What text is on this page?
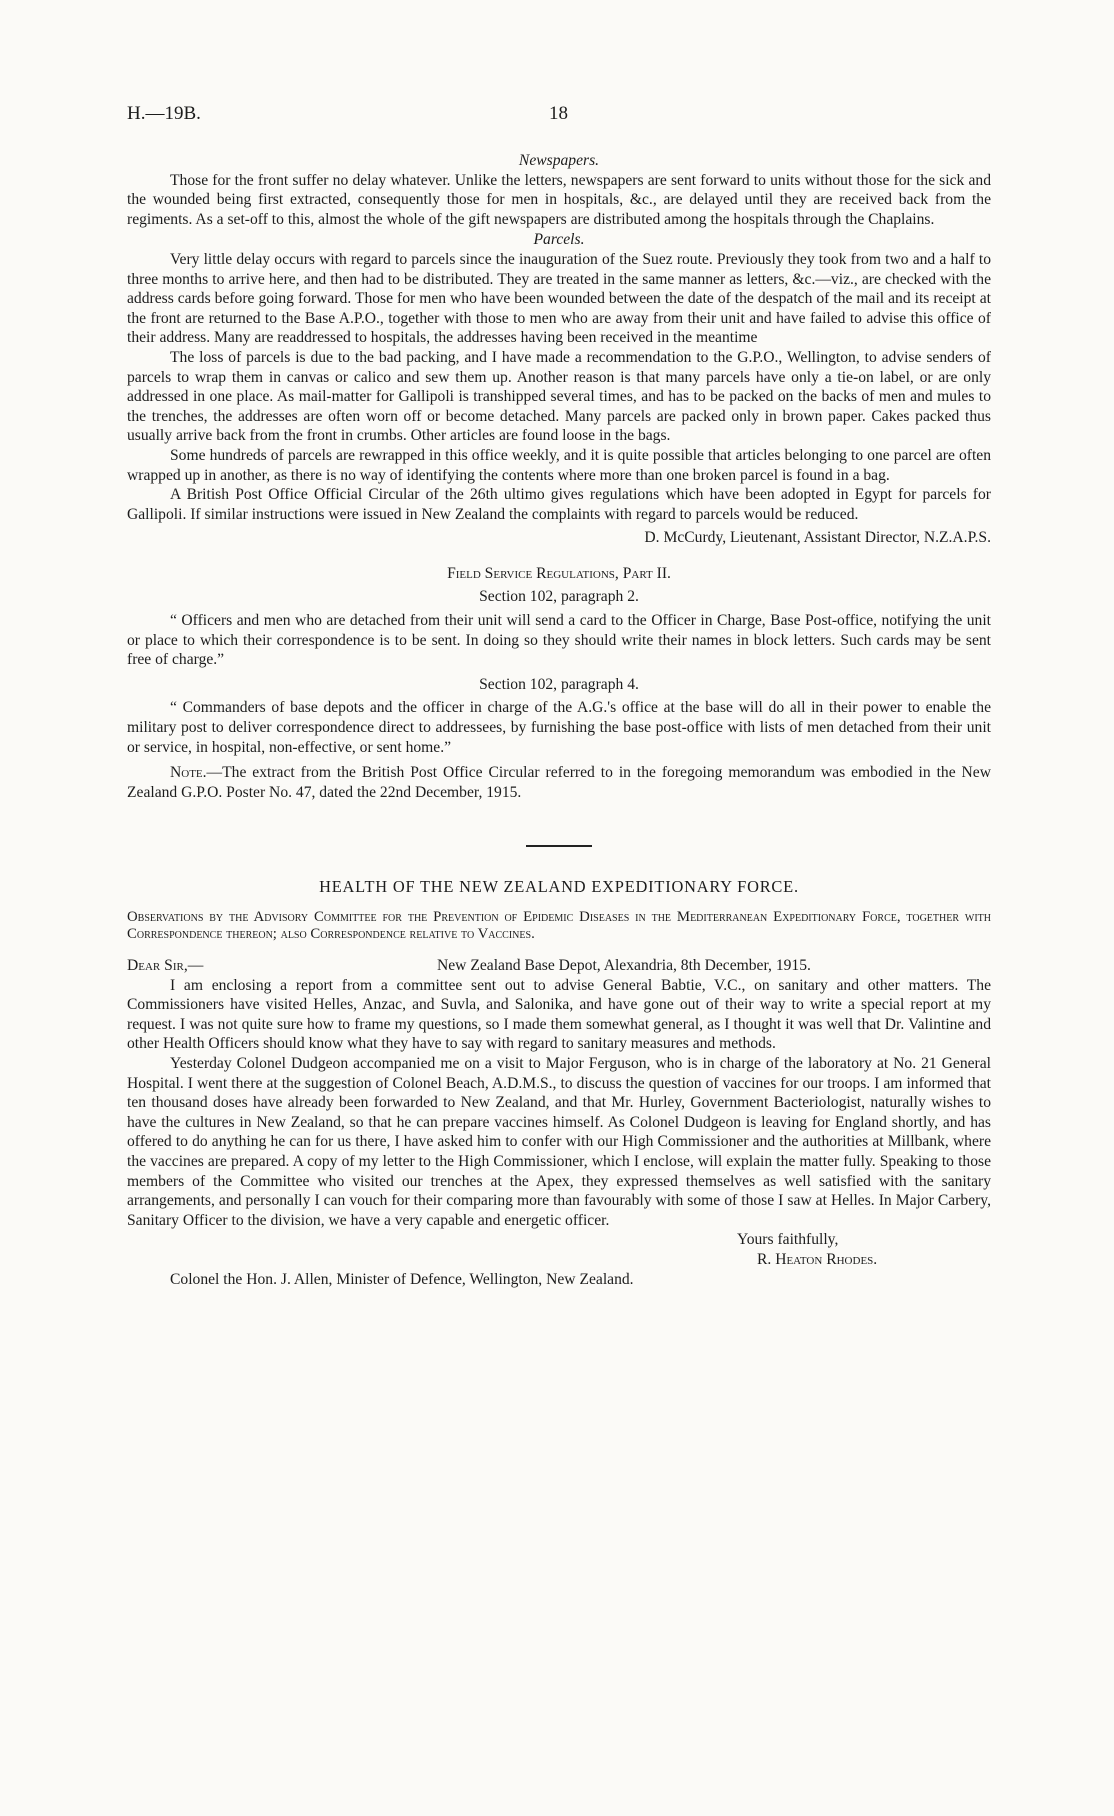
H.—19B.	18
Newspapers.

Those for the front suffer no delay whatever. Unlike the letters, newspapers are sent forward to units without those for the sick and the wounded being first extracted, consequently those for men in hospitals, &c., are delayed until they are received back from the regiments. As a set-off to this, almost the whole of the gift newspapers are distributed among the hospitals through the Chaplains.

Parcels.

Very little delay occurs with regard to parcels since the inauguration of the Suez route. Previously they took from two and a half to three months to arrive here, and then had to be distributed. They are treated in the same manner as letters, &c.—viz., are checked with the address cards before going forward. Those for men who have been wounded between the date of the despatch of the mail and its receipt at the front are returned to the Base A.P.O., together with those to men who are away from their unit and have failed to advise this office of their address. Many are readdressed to hospitals, the addresses having been received in the meantime

The loss of parcels is due to the bad packing, and I have made a recommendation to the G.P.O., Wellington, to advise senders of parcels to wrap them in canvas or calico and sew them up. Another reason is that many parcels have only a tie-on label, or are only addressed in one place. As mail-matter for Gallipoli is transhipped several times, and has to be packed on the backs of men and mules to the trenches, the addresses are often worn off or become detached. Many parcels are packed only in brown paper. Cakes packed thus usually arrive back from the front in crumbs. Other articles are found loose in the bags.

Some hundreds of parcels are rewrapped in this office weekly, and it is quite possible that articles belonging to one parcel are often wrapped up in another, as there is no way of identifying the contents where more than one broken parcel is found in a bag.

A British Post Office Official Circular of the 26th ultimo gives regulations which have been adopted in Egypt for parcels for Gallipoli. If similar instructions were issued in New Zealand the complaints with regard to parcels would be reduced.

D. McCurdy, Lieutenant, Assistant Director, N.Z.A.P.S.

Field Service Regulations, Part II.

Section 102, paragraph 2.

“ Officers and men who are detached from their unit will send a card to the Officer in Charge, Base Post-office, notifying the unit or place to which their correspondence is to be sent. In doing so they should write their names in block letters. Such cards may be sent free of charge.”

Section 102, paragraph 4.

“ Commanders of base depots and the officer in charge of the A.G.'s office at the base will do all in their power to enable the military post to deliver correspondence direct to addressees, by furnishing the base post-office with lists of men detached from their unit or service, in hospital, non-effective, or sent home.”

Note.—The extract from the British Post Office Circular referred to in the foregoing memorandum was embodied in the New Zealand G.P.O. Poster No. 47, dated the 22nd December, 1915.

HEALTH OF THE NEW ZEALAND EXPEDITIONARY FORCE.
Observations by the Advisory Committee for the Prevention of Epidemic Diseases in the Mediterranean Expeditionary Force, together with Correspondence thereon; also Correspondence relative to Vaccines.
Dear Sir,—	New Zealand Base Depot, Alexandria, 8th December, 1915.

I am enclosing a report from a committee sent out to advise General Babtie, V.C., on sanitary and other matters. The Commissioners have visited Helles, Anzac, and Suvla, and Salonika, and have gone out of their way to write a special report at my request. I was not quite sure how to frame my questions, so I made them somewhat general, as I thought it was well that Dr. Valintine and other Health Officers should know what they have to say with regard to sanitary measures and methods.

Yesterday Colonel Dudgeon accompanied me on a visit to Major Ferguson, who is in charge of the laboratory at No. 21 General Hospital. I went there at the suggestion of Colonel Beach, A.D.M.S., to discuss the question of vaccines for our troops. I am informed that ten thousand doses have already been forwarded to New Zealand, and that Mr. Hurley, Government Bacteriologist, naturally wishes to have the cultures in New Zealand, so that he can prepare vaccines himself. As Colonel Dudgeon is leaving for England shortly, and has offered to do anything he can for us there, I have asked him to confer with our High Commissioner and the authorities at Millbank, where the vaccines are prepared. A copy of my letter to the High Commissioner, which I enclose, will explain the matter fully. Speaking to those members of the Committee who visited our trenches at the Apex, they expressed themselves as well satisfied with the sanitary arrangements, and personally I can vouch for their comparing more than favourably with some of those I saw at Helles. In Major Carbery, Sanitary Officer to the division, we have a very capable and energetic officer.

Yours faithfully,

R. Heaton Rhodes.

Colonel the Hon. J. Allen, Minister of Defence, Wellington, New Zealand.
